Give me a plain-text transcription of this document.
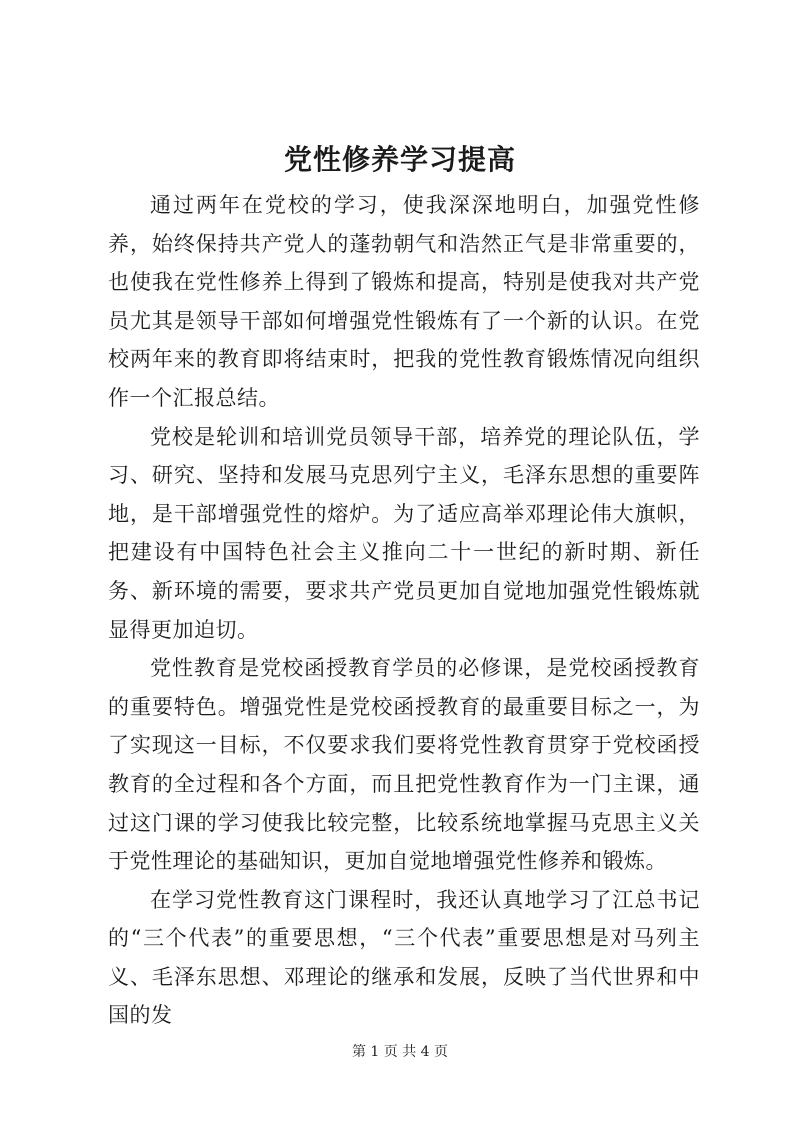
党性修养学习提高

通过两年在党校的学习，使我深深地明白，加强党性修养，始终保持共产党人的蓬勃朝气和浩然正气是非常重要的，也使我在党性修养上得到了锻炼和提高，特别是使我对共产党员尤其是领导干部如何增强党性锻炼有了一个新的认识。在党校两年来的教育即将结束时，把我的党性教育锻炼情况向组织作一个汇报总结。

党校是轮训和培训党员领导干部，培养党的理论队伍，学习、研究、坚持和发展马克思列宁主义，毛泽东思想的重要阵地，是干部增强党性的熔炉。为了适应高举邓理论伟大旗帜，把建设有中国特色社会主义推向二十一世纪的新时期、新任务、新环境的需要，要求共产党员更加自觉地加强党性锻炼就显得更加迫切。

党性教育是党校函授教育学员的必修课，是党校函授教育的重要特色。增强党性是党校函授教育的最重要目标之一，为了实现这一目标，不仅要求我们要将党性教育贯穿于党校函授教育的全过程和各个方面，而且把党性教育作为一门主课，通过这门课的学习使我比较完整，比较系统地掌握马克思主义关于党性理论的基础知识，更加自觉地增强党性修养和锻炼。

在学习党性教育这门课程时，我还认真地学习了江总书记的“三个代表”的重要思想，“三个代表”重要思想是对马列主义、毛泽东思想、邓理论的继承和发展，反映了当代世界和中国的发

第 1 页 共 4 页
